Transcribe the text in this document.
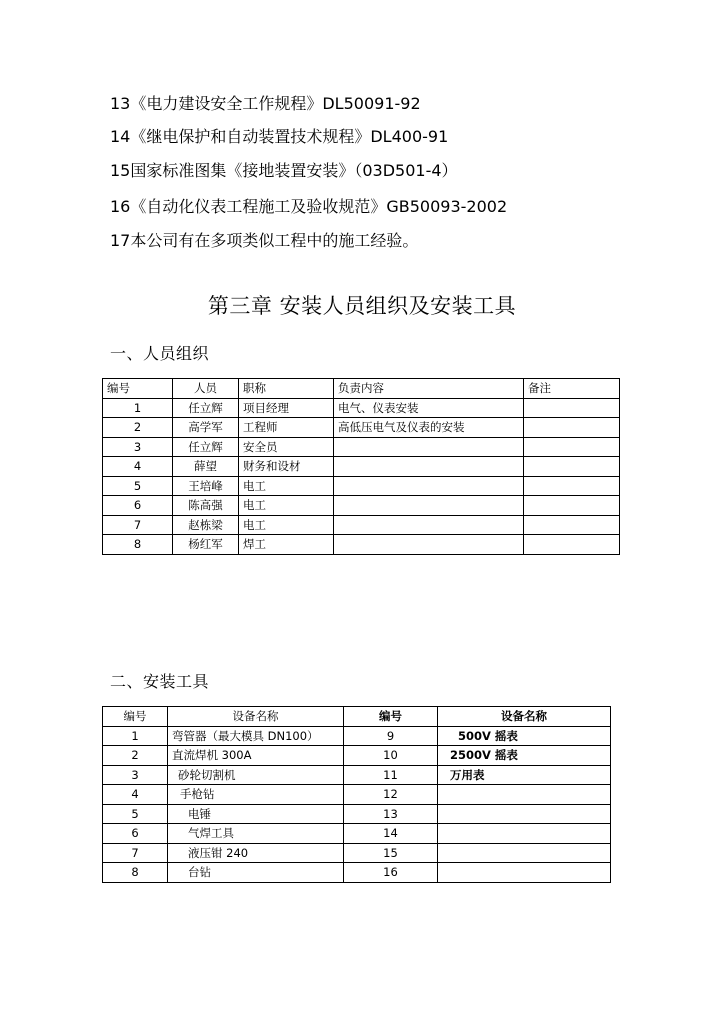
13《电力建设安全工作规程》DL50091-92
14《继电保护和自动装置技术规程》DL400-91
15国家标准图集《接地装置安装》（03D501-4）
16《自动化仪表工程施工及验收规范》GB50093-2002
17本公司有在多项类似工程中的施工经验。
第三章 安装人员组织及安装工具
一、人员组织
编号	人员	职称	负责内容	备注
1	任立辉	项目经理	电气、仪表安装	
2	高学军	工程师	高低压电气及仪表的安装	
3	任立辉	安全员		
4	薛望	财务和设材		
5	王培峰	电工		
6	陈高强	电工		
7	赵栋梁	电工		
8	杨红军	焊工		
二、安装工具
编号	设备名称	编号	设备名称
1	弯管器（最大模具 DN100）	9	500V 摇表
2	直流焊机 300A	10	2500V 摇表
3	砂轮切割机	11	万用表
4	手枪钻	12	
5	电锤	13	
6	气焊工具	14	
7	液压钳 240	15	
8	台钻	16	
